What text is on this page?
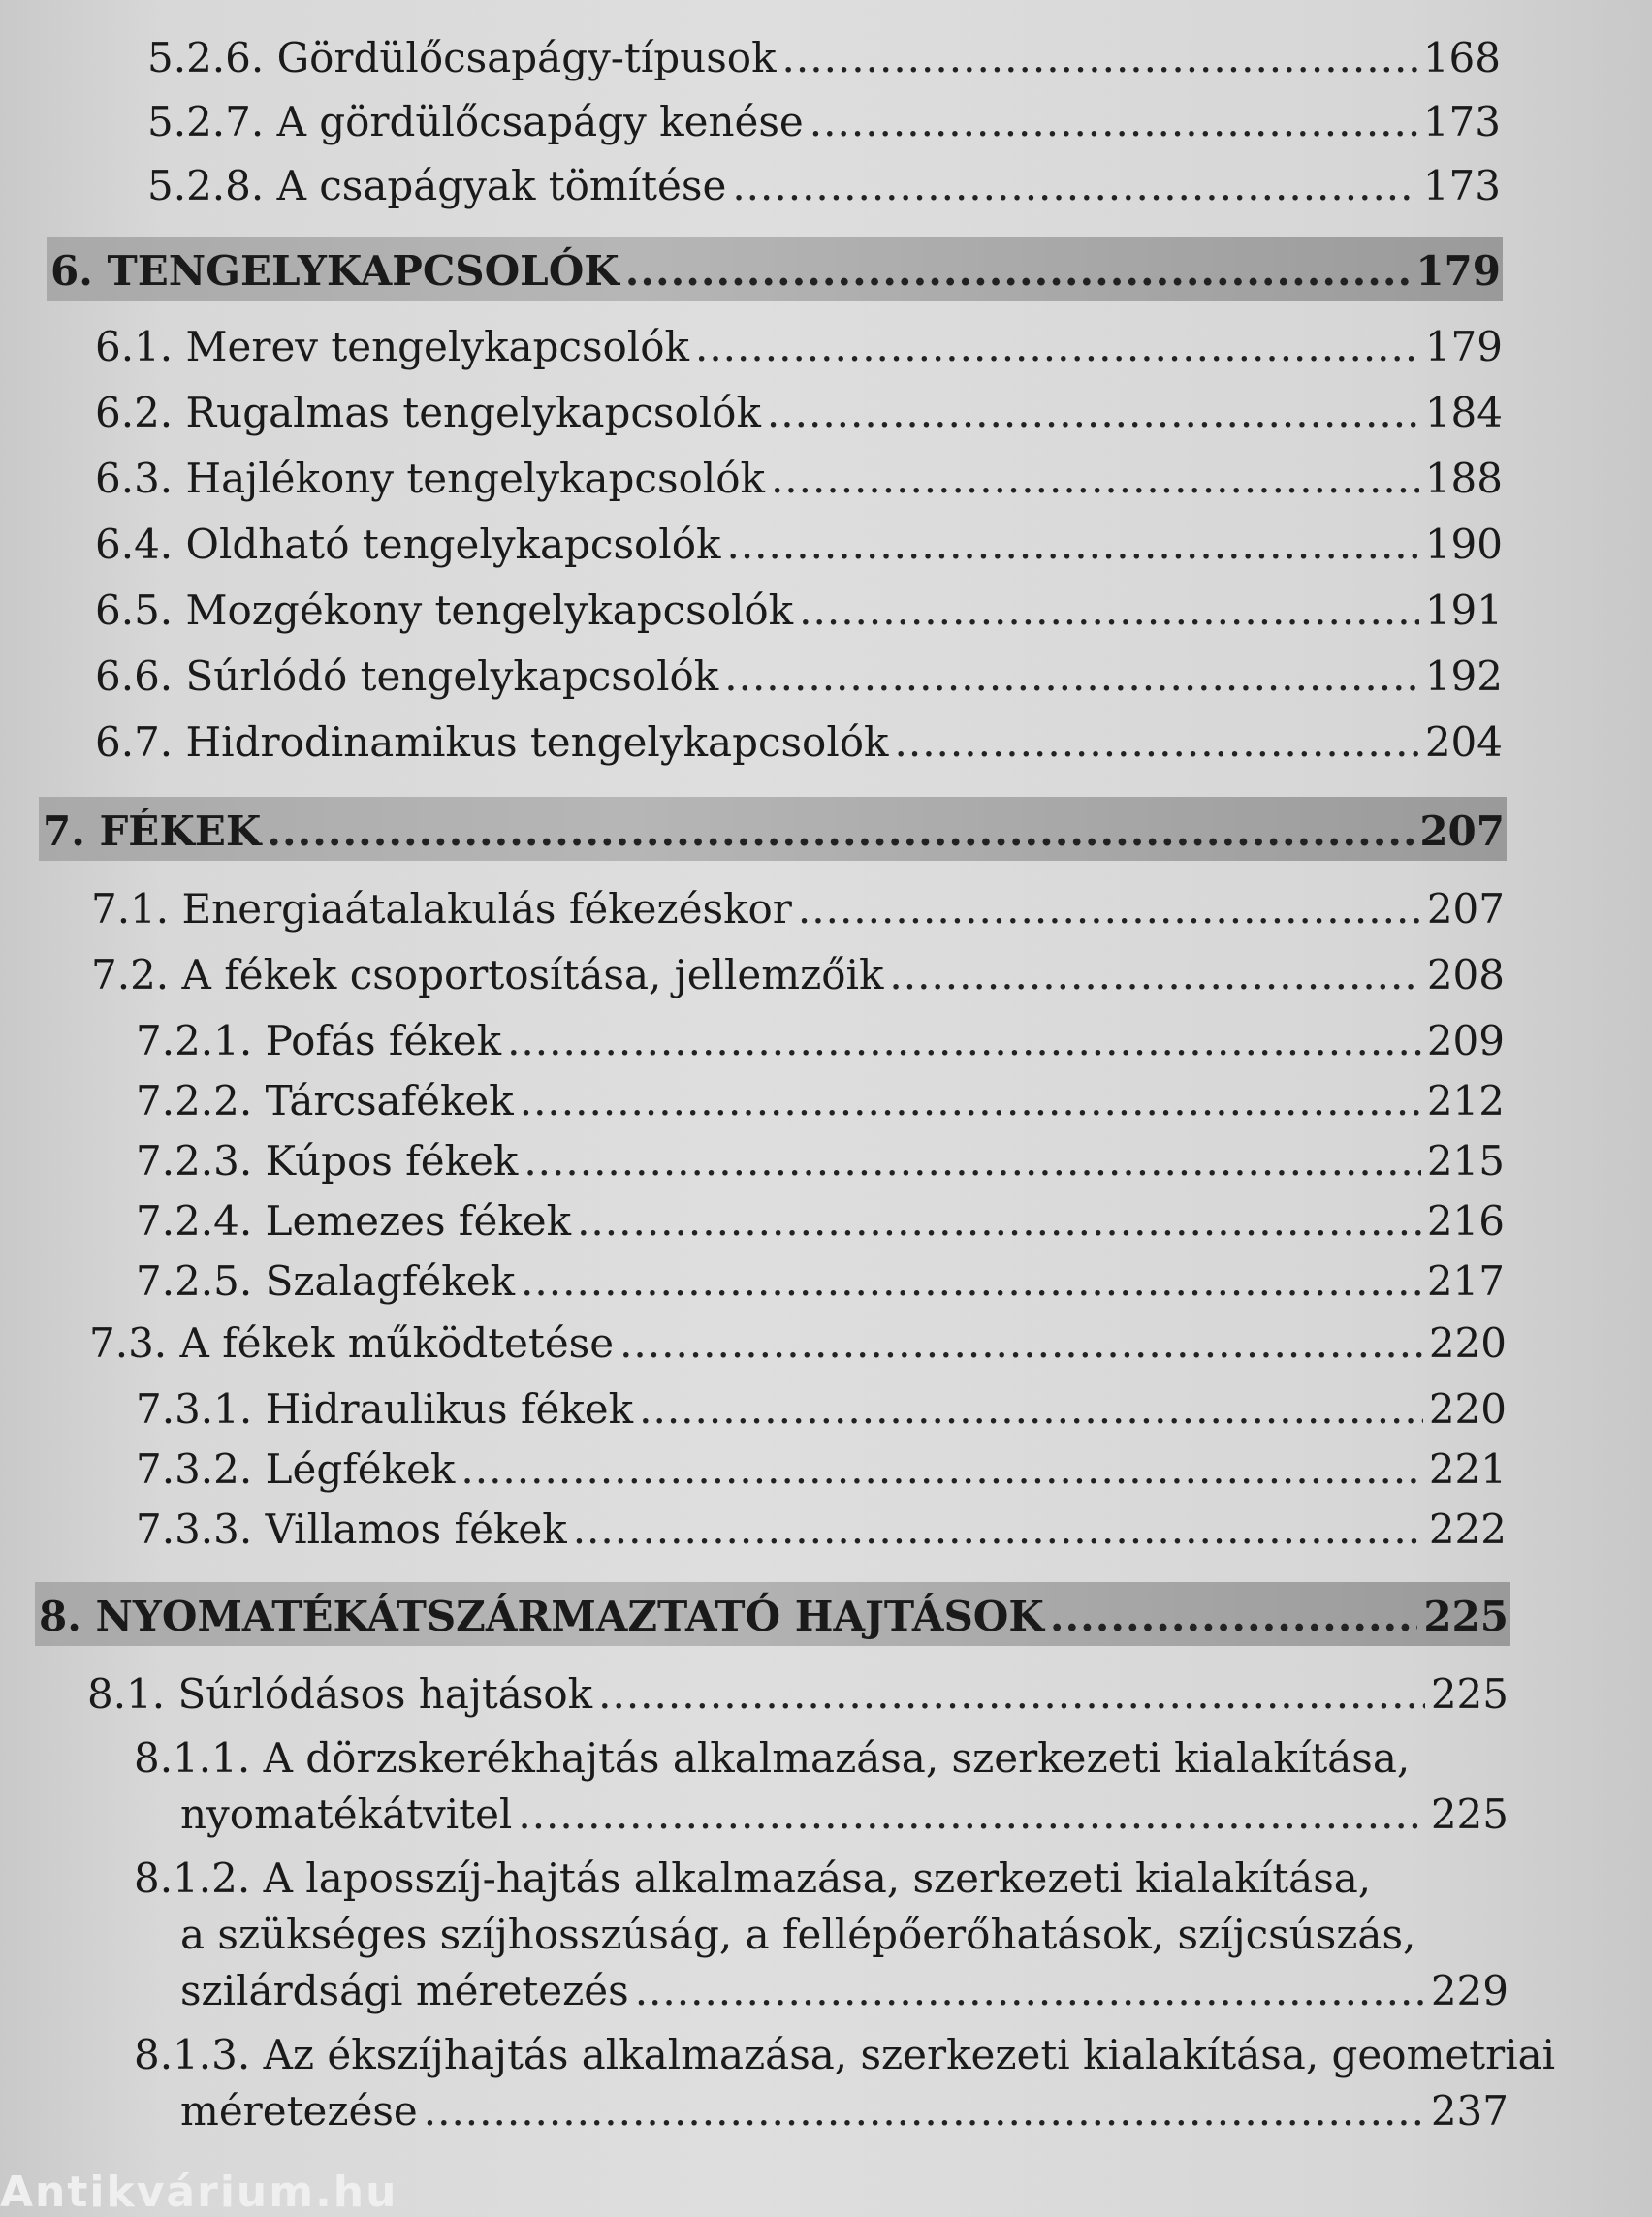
5.2.6. Gördülőcsapágy-típusok .....	168
5.2.7. A gördülőcsapágy kenése .....	173
5.2.8. A csapágyak tömítése .....	173
6. TENGELYKAPCSOLÓK .....	179
6.1. Merev tengelykapcsolók .....	179
6.2. Rugalmas tengelykapcsolók .....	184
6.3. Hajlékony tengelykapcsolók .....	188
6.4. Oldható tengelykapcsolók .....	190
6.5. Mozgékony tengelykapcsolók .....	191
6.6. Súrlódó tengelykapcsolók .....	192
6.7. Hidrodinamikus tengelykapcsolók .....	204
7. FÉKEK .....	207
7.1. Energiaátalakulás fékezéskor .....	207
7.2. A fékek csoportosítása, jellemzőik .....	208
7.2.1. Pofás fékek .....	209
7.2.2. Tárcsafékek .....	212
7.2.3. Kúpos fékek .....	215
7.2.4. Lemezes fékek .....	216
7.2.5. Szalagfékek .....	217
7.3. A fékek működtetése .....	220
7.3.1. Hidraulikus fékek .....	220
7.3.2. Légfékek .....	221
7.3.3. Villamos fékek .....	222
8. NYOMATÉKÁTSZÁRMAZTATÓ HAJTÁSOK .....	225
8.1. Súrlódásos hajtások .....	225
8.1.1. A dörzskerékhajtás alkalmazása, szerkezeti kialakítása,
nyomatékátvitel .....	225
8.1.2. A laposszíj-hajtás alkalmazása, szerkezeti kialakítása,
a szükséges szíjhosszúság, a fellépőerőhatások, szíjcsúszás,
szilárdsági méretezés .....	229
8.1.3. Az ékszíjhajtás alkalmazása, szerkezeti kialakítása, geometriai
méretezése .....	237
Antikvárium.hu
